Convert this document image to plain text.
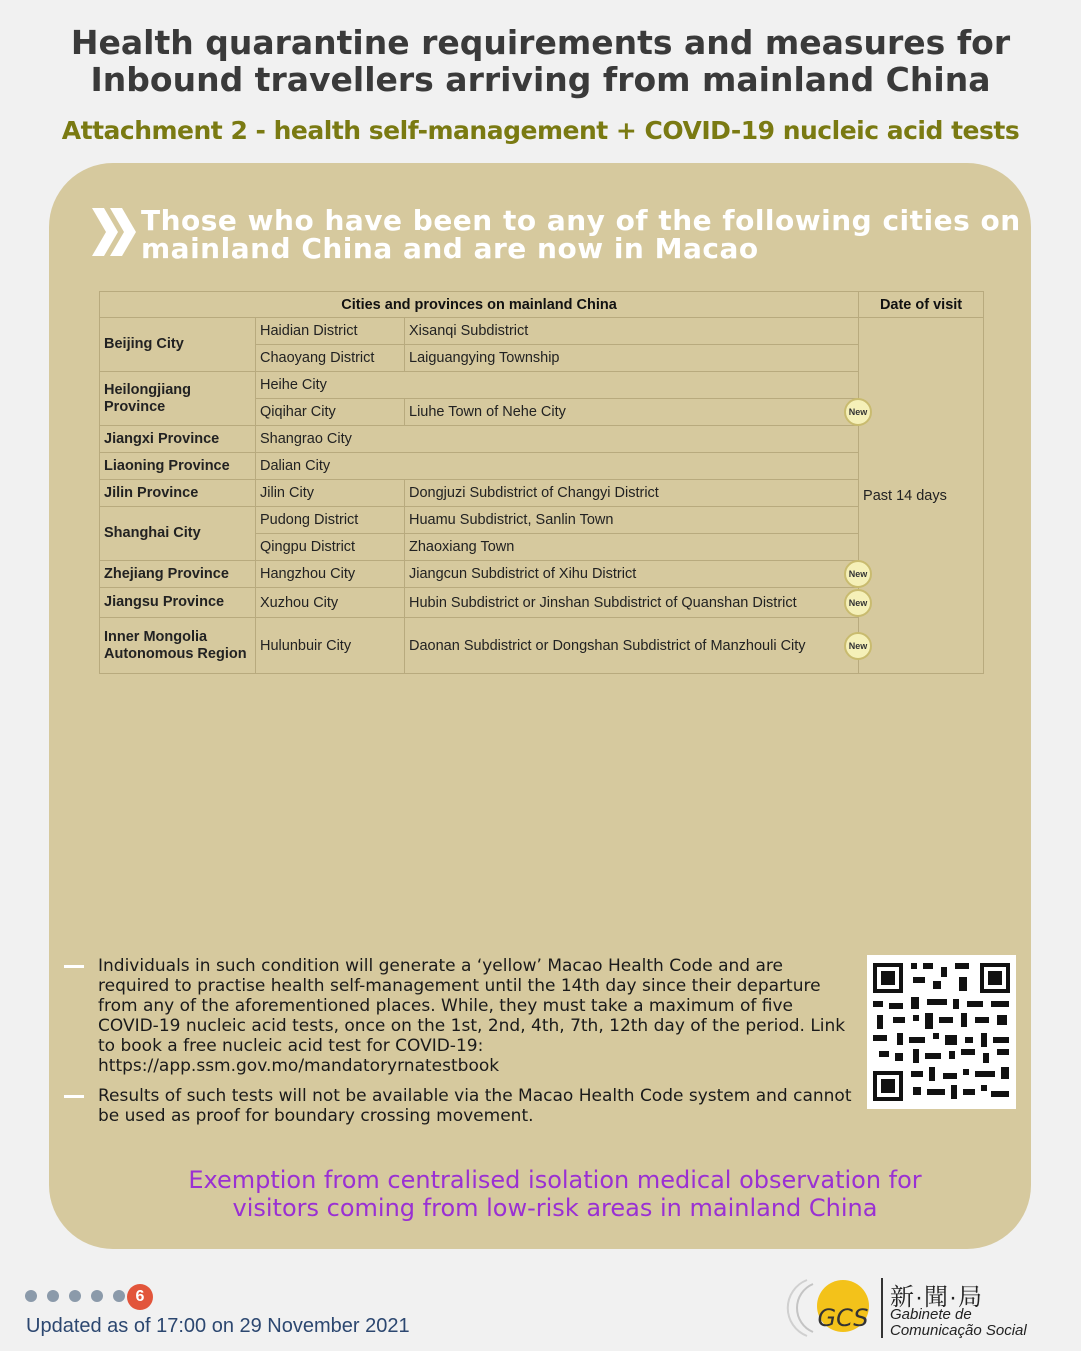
Health quarantine requirements and measures for
Inbound travellers arriving from mainland China
Attachment 2 - health self-management + COVID-19 nucleic acid tests
Those who have been to any of the following cities on
mainland China and are now in Macao
Cities and provinces on mainland China			Date of visit
Beijing City	Haidian District	Xisanqi Subdistrict	Past 14 days
	Chaoyang District	Laiguangying Township	
Heilongjiang Province	Heihe City		
	Qiqihar City	Liuhe Town of Nehe City New	

Jiangxi Province	Shangrao City		
Liaoning Province	Dalian City		
Jilin Province	Jilin City	Dongjuzi Subdistrict of Changyi District	
Shanghai City	Pudong District	Huamu Subdistrict, Sanlin Town	
	Qingpu District	Zhaoxiang Town	
Zhejiang Province	Hangzhou City	Jiangcun Subdistrict of Xihu District New	

Jiangsu Province	Xuzhou City	Hubin Subdistrict or Jinshan Subdistrict of Quanshan District New	

Inner Mongolia Autonomous Region	Hulunbuir City	Daonan Subdistrict or Dongshan Subdistrict of Manzhouli City New	
Individuals in such condition will generate a ‘yellow’ Macao Health Code and are required to practise health self-management until the 14th day since their departure from any of the aforementioned places. While, they must take a maximum of five COVID-19 nucleic acid tests, once on the 1st, 2nd, 4th, 7th, 12th day of the period. Link to book a free nucleic acid test for COVID-19: https://app.ssm.gov.mo/mandatoryrnatestbook
Results of such tests will not be available via the Macao Health Code system and cannot be used as proof for boundary crossing movement.
Exemption from centralised isolation medical observation for
visitors coming from low-risk areas in mainland China
6
Updated as of 17:00 on 29 November 2021	GCS
新·聞·局
Gabinete de
Comunicação Social
